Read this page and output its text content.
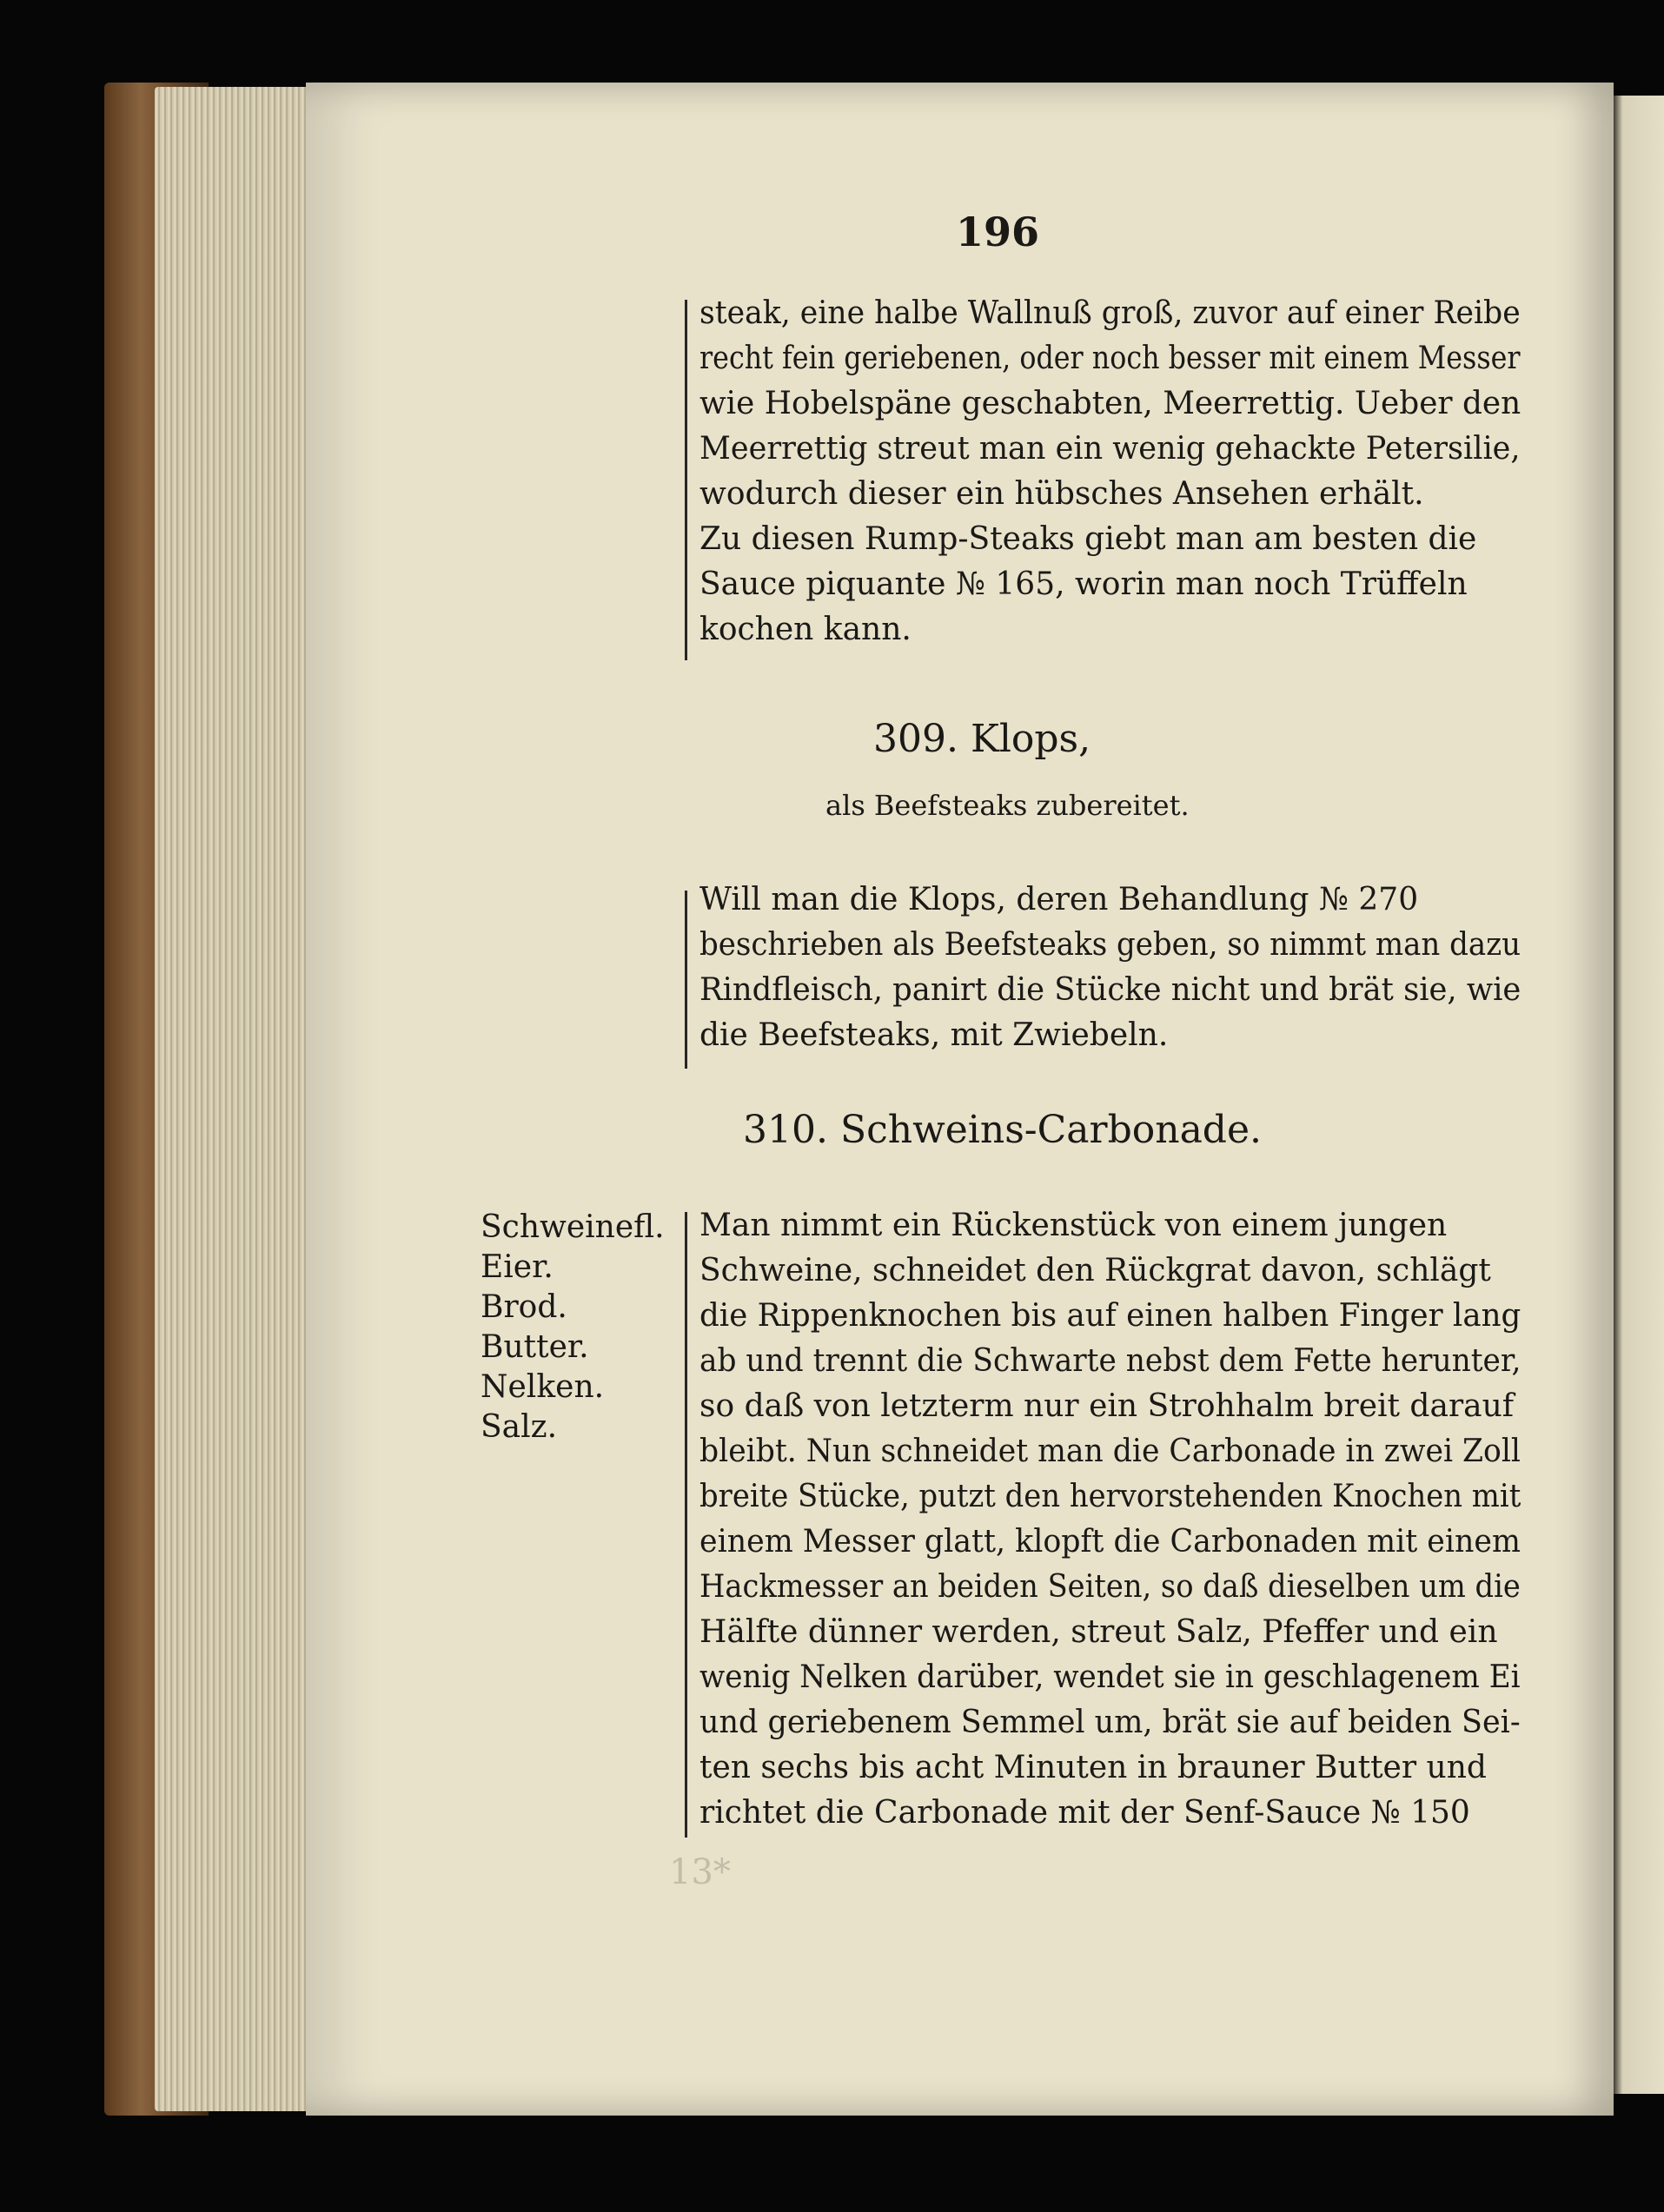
13*
196
steak, eine halbe Wallnuß groß, zuvor auf einer Reibe
recht fein geriebenen, oder noch besser mit einem Messer
wie Hobelspäne geschabten, Meerrettig. Ueber den
Meerrettig streut man ein wenig gehackte Petersilie,
wodurch dieser ein hübsches Ansehen erhält.
Zu diesen Rump-Steaks giebt man am besten die
Sauce piquante № 165, worin man noch Trüffeln
kochen kann.
309. Klops,
als Beefsteaks zubereitet.
Will man die Klops, deren Behandlung № 270
beschrieben als Beefsteaks geben, so nimmt man dazu
Rindfleisch, panirt die Stücke nicht und brät sie, wie
die Beefsteaks, mit Zwiebeln.
310. Schweins-Carbonade.
Schweinefl.
Eier.
Brod.
Butter.
Nelken.
Salz.
Man nimmt ein Rückenstück von einem jungen
Schweine, schneidet den Rückgrat davon, schlägt
die Rippenknochen bis auf einen halben Finger lang
ab und trennt die Schwarte nebst dem Fette herunter,
so daß von letzterm nur ein Strohhalm breit darauf
bleibt. Nun schneidet man die Carbonade in zwei Zoll
breite Stücke, putzt den hervorstehenden Knochen mit
einem Messer glatt, klopft die Carbonaden mit einem
Hackmesser an beiden Seiten, so daß dieselben um die
Hälfte dünner werden, streut Salz, Pfeffer und ein
wenig Nelken darüber, wendet sie in geschlagenem Ei
und geriebenem Semmel um, brät sie auf beiden Sei-
ten sechs bis acht Minuten in brauner Butter und
richtet die Carbonade mit der Senf-Sauce № 150
